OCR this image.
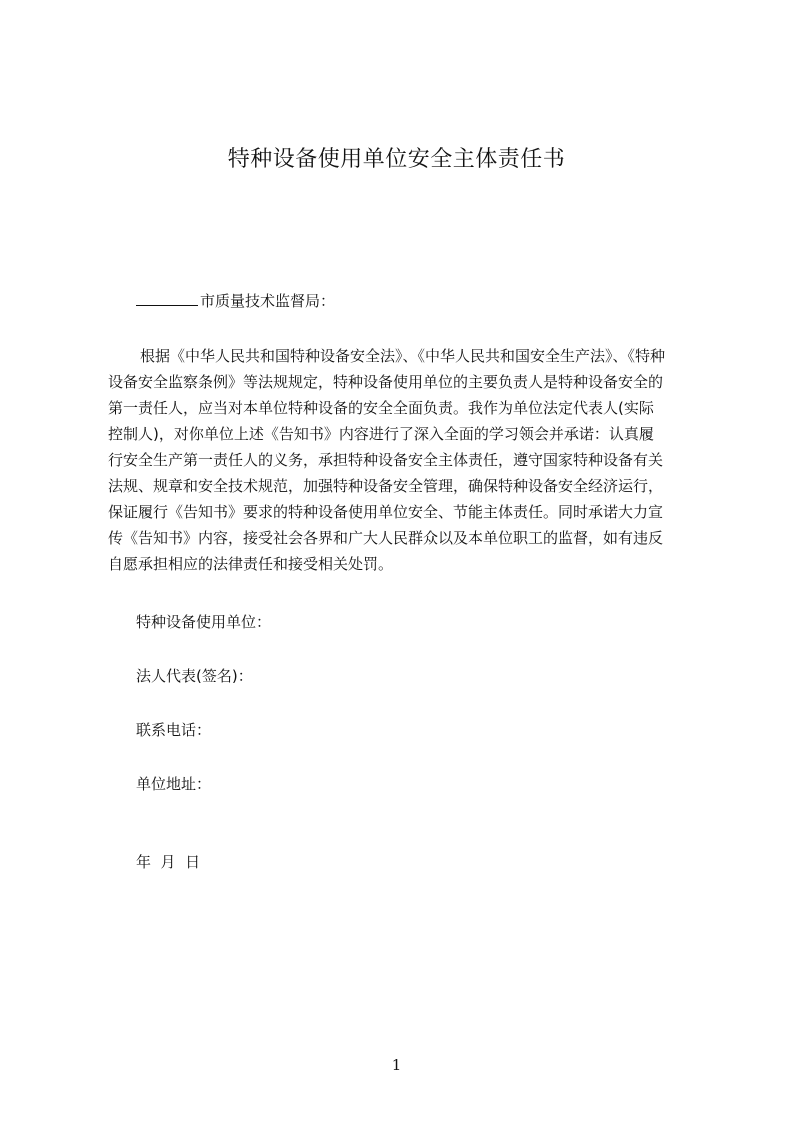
特种设备使用单位安全主体责任书
市质量技术监督局：
根据《中华人民共和国特种设备安全法》、《中华人民共和国安全生产法》、《特种
设备安全监察条例》等法规规定，特种设备使用单位的主要负责人是特种设备安全的
第一责任人，应当对本单位特种设备的安全全面负责。我作为单位法定代表人(实际
控制人)，对你单位上述《告知书》内容进行了深入全面的学习领会并承诺：认真履
行安全生产第一责任人的义务，承担特种设备安全主体责任，遵守国家特种设备有关
法规、规章和安全技术规范，加强特种设备安全管理，确保特种设备安全经济运行，
保证履行《告知书》要求的特种设备使用单位安全、节能主体责任。同时承诺大力宣
传《告知书》内容，接受社会各界和广大人民群众以及本单位职工的监督，如有违反
自愿承担相应的法律责任和接受相关处罚。
特种设备使用单位：
法人代表(签名)：
联系电话：
单位地址：
年  月  日
1
